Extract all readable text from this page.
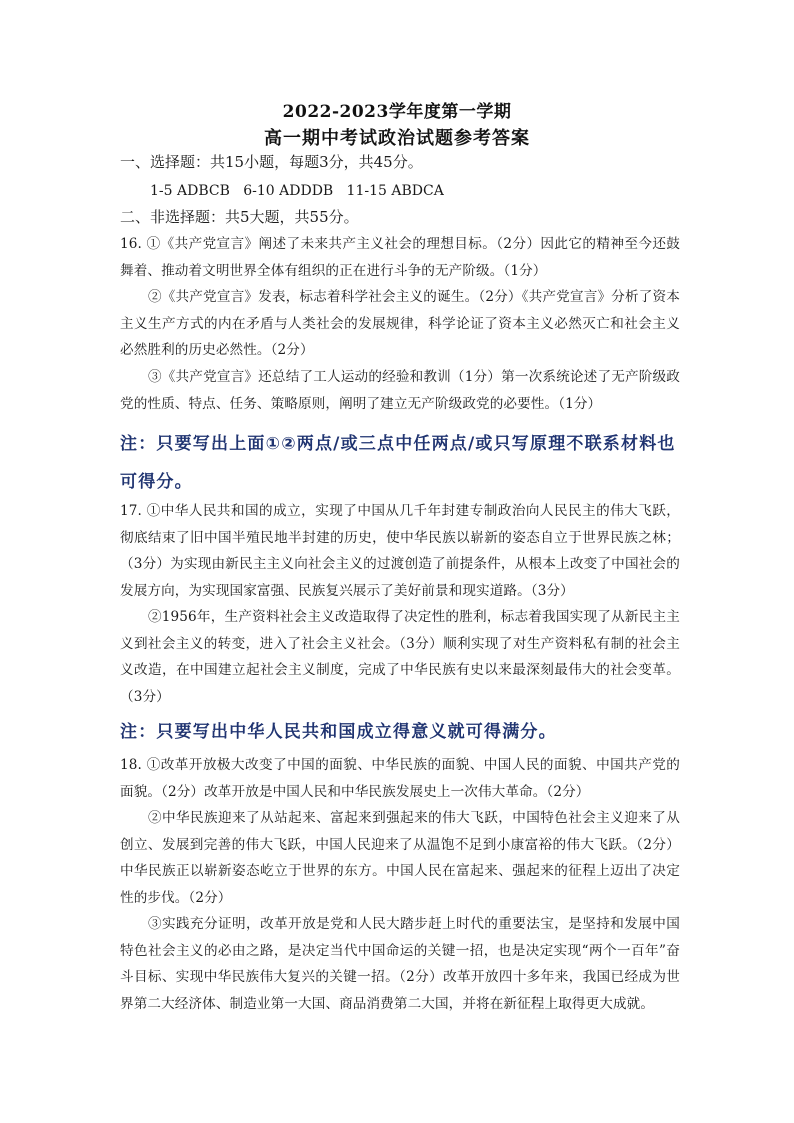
2022-2023学年度第一学期
高一期中考试政治试题参考答案
一、选择题：共15小题，每题3分，共45分。
1-5 ADBCB   6-10 ADDDB   11-15 ABDCA
二、非选择题：共5大题，共55分。
16. ①《共产党宣言》阐述了未来共产主义社会的理想目标。（2分）因此它的精神至今还鼓舞着、推动着文明世界全体有组织的正在进行斗争的无产阶级。（1分）
②《共产党宣言》发表，标志着科学社会主义的诞生。（2分）《共产党宣言》分析了资本主义生产方式的内在矛盾与人类社会的发展规律，科学论证了资本主义必然灭亡和社会主义必然胜利的历史必然性。（2分）
③《共产党宣言》还总结了工人运动的经验和教训（1分）第一次系统论述了无产阶级政党的性质、特点、任务、策略原则，阐明了建立无产阶级政党的必要性。（1分）
注：只要写出上面①②两点/或三点中任两点/或只写原理不联系材料也可得分。
17. ①中华人民共和国的成立，实现了中国从几千年封建专制政治向人民民主的伟大飞跃，彻底结束了旧中国半殖民地半封建的历史，使中华民族以崭新的姿态自立于世界民族之林；（3分）为实现由新民主主义向社会主义的过渡创造了前提条件，从根本上改变了中国社会的发展方向，为实现国家富强、民族复兴展示了美好前景和现实道路。（3分）
②1956年，生产资料社会主义改造取得了决定性的胜利，标志着我国实现了从新民主主义到社会主义的转变，进入了社会主义社会。（3分）顺利实现了对生产资料私有制的社会主义改造，在中国建立起社会主义制度，完成了中华民族有史以来最深刻最伟大的社会变革。（3分）
注：只要写出中华人民共和国成立得意义就可得满分。
18. ①改革开放极大改变了中国的面貌、中华民族的面貌、中国人民的面貌、中国共产党的面貌。（2分）改革开放是中国人民和中华民族发展史上一次伟大革命。（2分）
②中华民族迎来了从站起来、富起来到强起来的伟大飞跃，中国特色社会主义迎来了从创立、发展到完善的伟大飞跃，中国人民迎来了从温饱不足到小康富裕的伟大飞跃。（2分）中华民族正以崭新姿态屹立于世界的东方。中国人民在富起来、强起来的征程上迈出了决定性的步伐。（2分）
③实践充分证明，改革开放是党和人民大踏步赶上时代的重要法宝，是坚持和发展中国特色社会主义的必由之路，是决定当代中国命运的关键一招，也是决定实现“两个一百年”奋斗目标、实现中华民族伟大复兴的关键一招。（2分）改革开放四十多年来，我国已经成为世界第二大经济体、制造业第一大国、商品消费第二大国，并将在新征程上取得更大成就。
